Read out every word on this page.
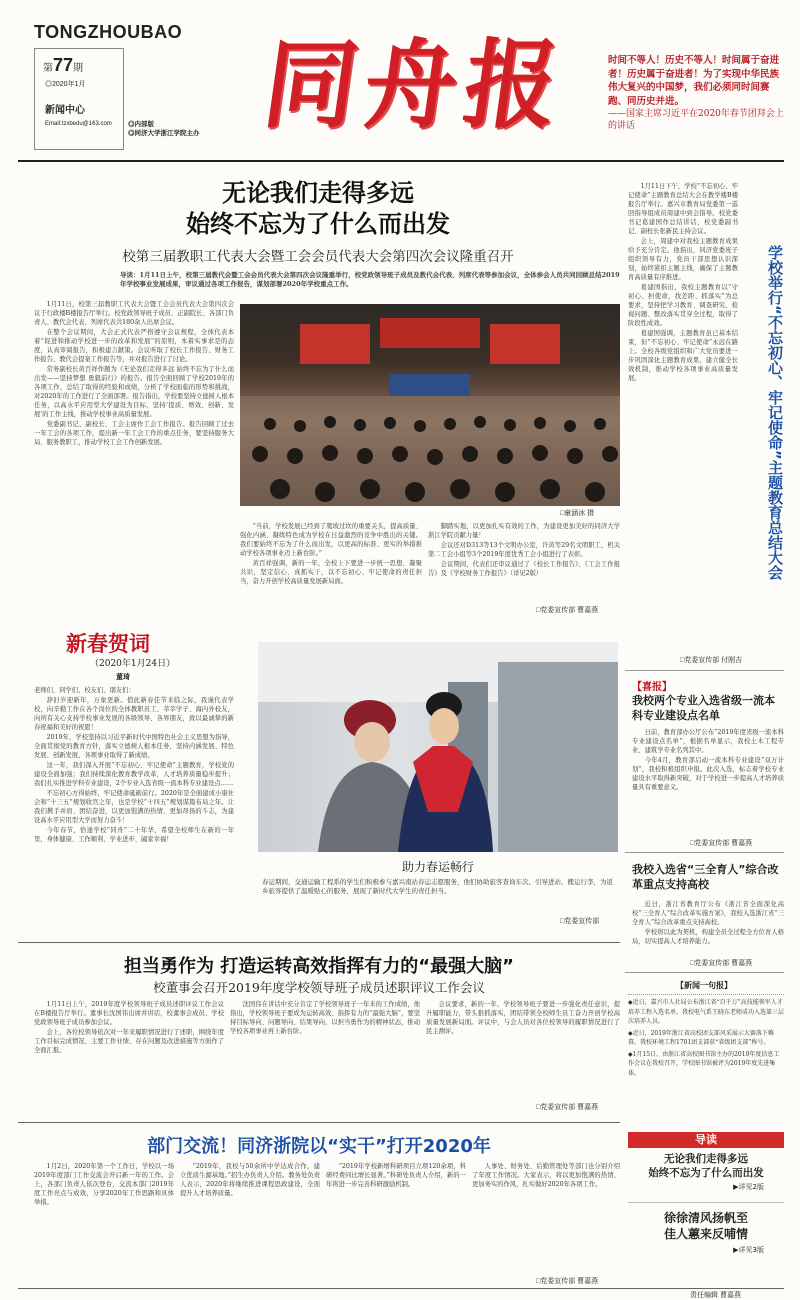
TONGZHOUBAO
第77期
◎2020年1月
新闻中心
Email:tzxbedu@163.com ◎内部版
◎同济大学浙江学院主办 同舟报	时间不等人！历史不等人！时间属于奋进者！历史属于奋进者！为了实现中华民族伟大复兴的中国梦，我们必须同时间赛跑、同历史并进。
——国家主席习近平在2020年春节团拜会上的讲话
无论我们走得多远
始终不忘为了什么而出发
校第三届教职工代表大会暨工会会员代表大会第四次会议隆重召开
导读：1月11日上午，校第三届教代会暨工会会员代表大会第四次会议隆重举行，校党政领导班子成员及教代会代表、列席代表等参加会议，全体参会人员共同回顾总结2019年学校事业发展成果，审议通过各项工作报告，谋划部署2020年学校重点工作。

1月11日，校第三届教职工代表大会暨工会会员代表大会第四次会议于行政楼B楼报告厅举行。校党政领导班子成员、正副院长、各部门负责人、教代会代表、列席代表共180余人出席会议。

在整个会议期间，大会正式代表严格遵守会议规程，全体代表本着“促进和推动学校进一步的改革和发展”的原则，本着实事求是的态度，认真审阅报告，积极建言献策。会议听取了校长工作报告、财务工作报告、教代会提案工作报告等，并对报告进行了讨论。

常务副校长黄百祥作题为《无论我们走得多远 始终不忘为了什么而出发——坚持梦想 勇毅前行》的报告。报告全面回顾了学校2019年的各项工作，总结了取得的经验和成绩，分析了学校面临的形势和挑战，对2020年的工作进行了全面部署。报告指出，学校要坚持立德树人根本任务，以高水平应用型大学建设为目标，坚持‘提质、增效、创新、发展’的工作主线，推动学校事业高质量发展。

党委副书记、副校长、工会主席作工会工作报告。报告回顾了过去一年工会的各项工作，提出新一年工会工作的重点任务，要坚持服务大局、服务教职工，推动学校工会工作创新发展。

□童涵冰 摄

“当前，学校发展已经到了爬坡过坎的重要关头，提高质量、强化内涵、凝练特色成为学校在日益激烈的竞争中胜出的关键。我们要始终不忘为了什么而出发，以更高的标准、更实的举措推动学校各项事业迈上新台阶。”

黄百祥强调，新的一年，全校上下要进一步统一思想、凝聚共识，坚定信心、真抓实干，以不忘初心、牢记使命的责任担当，奋力开创学校高质量发展新局面。

脚踏实地，以更加扎实有效的工作，为建设更加美好的同济大学浙江学院贡献力量！

会议还对D313等13个文明办公室，许黄等29名文明职工，机关第二工会小组等3个2019年度优秀工会小组进行了表彰。

会议期间，代表们还审议通过了《校长工作报告》、《工会工作报告》及《学校财务工作报告》（详见2版）

□党委宣传部 曹嘉燕

1月11日下午，学校“不忘初心、牢记使命”主题教育总结大会在教学楼B楼报告厅举行。嘉兴市教育局党委第一巡回指导组成员周建中到会指导。校党委书记葛建国作总结讲话，校党委副书记、副校长张新民主持会议。

会上，周建中对我校主题教育成果给予充分肯定。他指出，同济党委班子组织领导有力，党员干部思想认识深刻，始终紧扣主题主线，确保了主题教育高质量有序推进。

葛建国指出，我校主题教育以“守初心、担使命，找差距、抓落实”为总要求，坚持把学习教育、调查研究、检视问题、整改落实贯穿全过程，取得了阶段性成效。

葛建国强调，主题教育虽已基本结束，但“不忘初心、牢记使命”永远在路上。全校各级党组织和广大党员要进一步巩固深化主题教育成果，建立健全长效机制，推动学校各项事业高质量发展。

□党委宣传部 付刚吉
学校举行“不忘初心、牢记使命”主题教育总结大会
新春贺词
（2020年1月24日）
董琦

老师们、同学们、校友们、朋友们：

辞旧岁迎新年，万象更新。值此新春佳节来临之际，我谨代表学校，向辛勤工作在各个岗位的全体教职员工、莘莘学子、海内外校友，向所有关心支持学校事业发展的各级领导、各界朋友，致以最诚挚的新春祝福和美好的祝愿！

2019年，学校坚持以习近平新时代中国特色社会主义思想为指导，全面贯彻党的教育方针，落实立德树人根本任务，坚持内涵发展、特色发展、创新发展，各项事业取得了新成绩。

这一年，我们深入开展“不忘初心、牢记使命”主题教育，学校党的建设全面加强；我们持续深化教育教学改革，人才培养质量稳步提升；我们扎实推进学科专业建设，2个专业入选省级一流本科专业建设点……

不忘初心方得始终，牢记使命砥砺前行。2020年是全面建成小康社会和“十三五”规划收官之年，也是学校“十四五”规划谋篇布局之年。让我们携手并肩、团结奋进，以更加饱满的热情、更加昂扬的斗志，为建设高水平应用型大学而努力奋斗！

今年春节，恰逢学校“同舟”二十年华，希望全校师生在新的一年里，身体健康、工作顺利、学业进步、阖家幸福！

助力春运畅行
春运期间，交通运输工程系的学生们积极参与嘉兴南站春运志愿服务，他们协助旅客查询车次、引导进站、搬运行李，为返乡旅客提供了温暖贴心的服务，展现了新时代大学生的责任担当。
□党委宣传部
【喜报】
我校两个专业入选省级一流本科专业建设点名单

日前，教育部办公厅公布“2019年度省级一流本科专业建设点名单”，根据名单显示，我校土木工程专业、建筑学专业名列其中。

今年4月，教育部启动一流本科专业建设“双万计划”，我校积极组织申报。此次入选，标志着学校专业建设水平取得新突破，对于学校进一步提高人才培养质量具有重要意义。

□党委宣传部 曹嘉燕
我校入选省“三全育人”综合改革重点支持高校

近日，浙江省教育厅公布《浙江省全面深化高校“三全育人”综合改革实施方案》，我校入选浙江省“三全育人”综合改革重点支持高校。

学校将以此为契机，构建全员全过程全方位育人格局，切实提高人才培养能力。

□党委宣传部 曹嘉燕
担当勇作为 打造运转高效指挥有力的“最强大脑”
校董事会召开2019年度学校领导班子成员述职评议工作会议

1月11日上午，2019年度学校领导班子成员述职评议工作会议在B楼报告厅举行。董事长沈国伟出席并讲话，校董事会成员、学校党政领导班子成员参加会议。

会上，各位校领导依次对一年来履职情况进行了述职，围绕年度工作目标完成情况、主要工作业绩、存在问题及改进措施等方面作了全面汇报。

沈国伟在讲话中充分肯定了学校领导班子一年来的工作成绩，他指出，学校领导班子要成为运转高效、指挥有力的“最强大脑”，要坚持目标导向、问题导向、结果导向，以担当勇作为的精神状态，推动学校各项事业再上新台阶。

会议要求，新的一年，学校领导班子要进一步强化责任意识，提升履职能力，带头狠抓落实，团结带领全校师生员工奋力开创学校高质量发展新局面。评议中，与会人员对各位校领导的履职情况进行了民主测评。

□党委宣传部 曹嘉燕
部门交流！同济浙院以“实干”打开2020年

1月2日，2020年第一个工作日，学校以一场2019年度部门工作交流会开启新一年的工作。会上，各部门负责人依次登台，交流本部门2019年度工作亮点与成效，分享2020年工作思路和具体举措。

“2019年，我校与50余所中学达成合作，建立优质生源基地。”招生办负责人介绍。教务处负责人表示，2020年将继续推进课程思政建设，全面提升人才培养质量。

“2019年学校新增科研项目立项120余项，科研经费同比增长显著。”科研处负责人介绍，新的一年将进一步完善科研激励机制。

人事处、财务处、后勤管理处等部门也分别介绍了年度工作情况。大家表示，将以更加饱满的热情、更加务实的作风，扎实做好2020年各项工作。

□党委宣传部 曹嘉燕
【新闻一句报】
◆近日，嘉兴市人社局公布浙江省“百千万”高技能领军人才培养工程入选名单，我校电气系王晓东老师成功入选第三层次培养人员。
◆近日，2019年浙江省高校团支部风采展示大赛落下帷幕，我校环境工程1701团支部获“省级团支部”称号。
◆1月15日，由浙江省高校图书馆主办的2019年度信息工作会议在我校召开，学校图书馆被评为2019年度先进集体。
导读
无论我们走得多远
始终不忘为了什么而出发
▶详见2版
徐徐清风扬帆至
佳人蕙来反哺情
▶详见3版
责任编辑 曹嘉燕
